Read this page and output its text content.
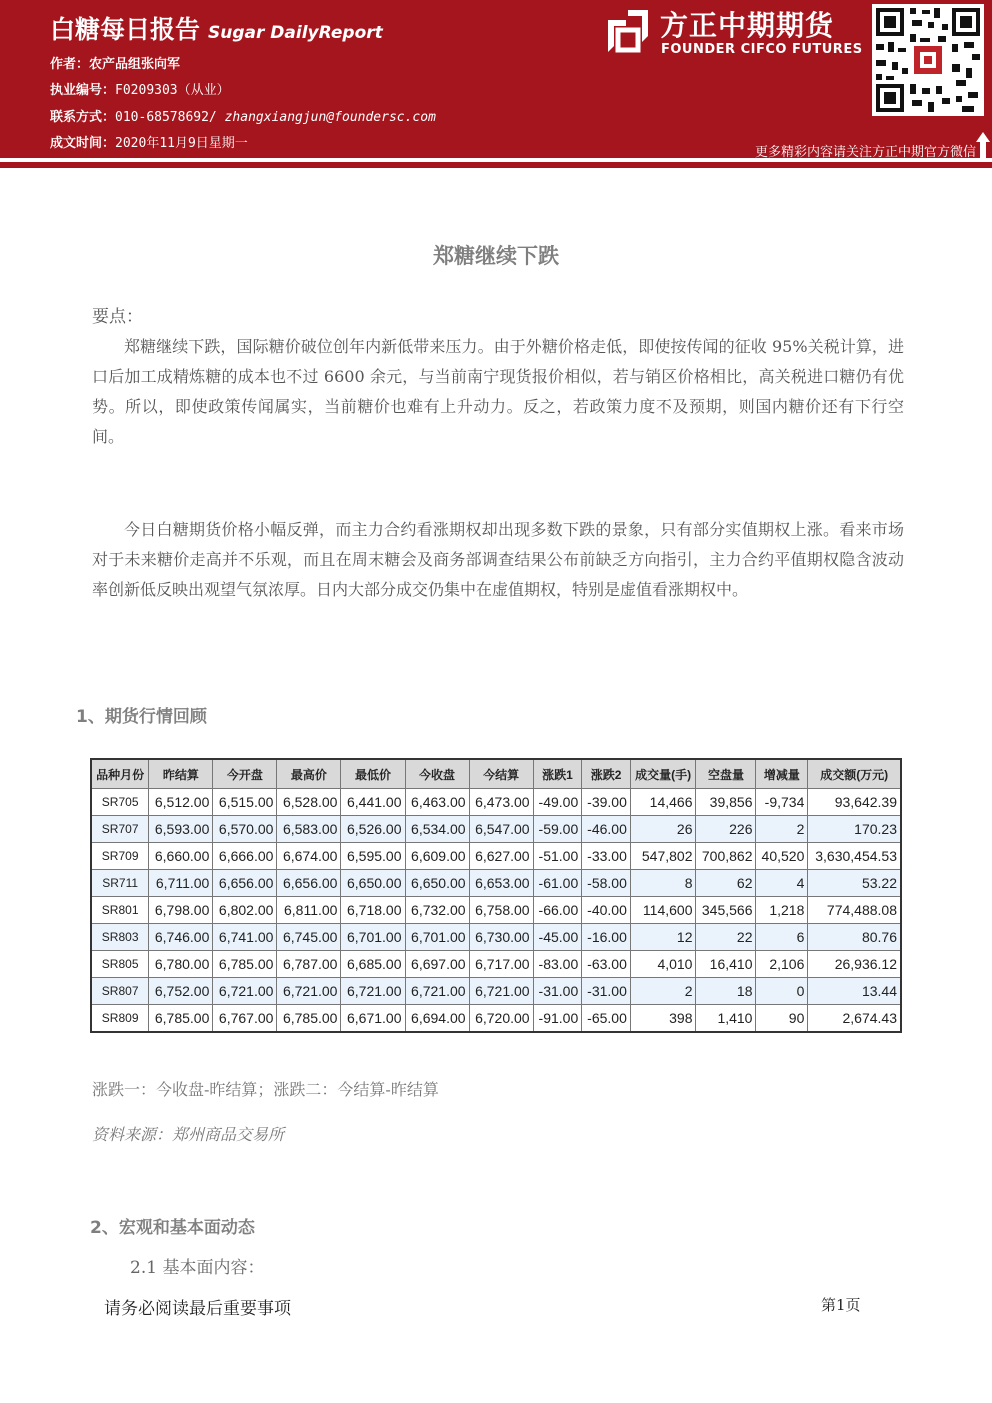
白糖每日报告 Sugar DailyReport
作者：农产品组张向军
执业编号：F0209303（从业）
联系方式：010-68578692/ zhangxiangjun@foundersc.com
成文时间：2020年11月9日星期一
方正中期期货
FOUNDER CIFCO FUTURES
更多精彩内容请关注方正中期官方微信
郑糖继续下跌
要点：
郑糖继续下跌，国际糖价破位创年内新低带来压力。由于外糖价格走低，即使按传闻的征收 95%关税计算，进口后加工成精炼糖的成本也不过 6600 余元，与当前南宁现货报价相似，若与销区价格相比，高关税进口糖仍有优势。所以，即使政策传闻属实，当前糖价也难有上升动力。反之，若政策力度不及预期，则国内糖价还有下行空间。
今日白糖期货价格小幅反弹，而主力合约看涨期权却出现多数下跌的景象，只有部分实值期权上涨。看来市场对于未来糖价走高并不乐观，而且在周末糖会及商务部调查结果公布前缺乏方向指引，主力合约平值期权隐含波动率创新低反映出观望气氛浓厚。日内大部分成交仍集中在虚值期权，特别是虚值看涨期权中。
1、期货行情回顾
品种月份	昨结算	今开盘	最高价	最低价	今收盘	今结算	涨跌1	涨跌2	成交量(手)	空盘量	增减量	成交额(万元)
SR705	6,512.00	6,515.00	6,528.00	6,441.00	6,463.00	6,473.00	-49.00	-39.00	14,466	39,856	-9,734	93,642.39
SR707	6,593.00	6,570.00	6,583.00	6,526.00	6,534.00	6,547.00	-59.00	-46.00	26	226	2	170.23
SR709	6,660.00	6,666.00	6,674.00	6,595.00	6,609.00	6,627.00	-51.00	-33.00	547,802	700,862	40,520	3,630,454.53
SR711	6,711.00	6,656.00	6,656.00	6,650.00	6,650.00	6,653.00	-61.00	-58.00	8	62	4	53.22
SR801	6,798.00	6,802.00	6,811.00	6,718.00	6,732.00	6,758.00	-66.00	-40.00	114,600	345,566	1,218	774,488.08
SR803	6,746.00	6,741.00	6,745.00	6,701.00	6,701.00	6,730.00	-45.00	-16.00	12	22	6	80.76
SR805	6,780.00	6,785.00	6,787.00	6,685.00	6,697.00	6,717.00	-83.00	-63.00	4,010	16,410	2,106	26,936.12
SR807	6,752.00	6,721.00	6,721.00	6,721.00	6,721.00	6,721.00	-31.00	-31.00	2	18	0	13.44
SR809	6,785.00	6,767.00	6,785.00	6,671.00	6,694.00	6,720.00	-91.00	-65.00	398	1,410	90	2,674.43
涨跌一：今收盘-昨结算；涨跌二：今结算-昨结算
资料来源：郑州商品交易所
2、宏观和基本面动态
2.1 基本面内容：
请务必阅读最后重要事项	第1页
